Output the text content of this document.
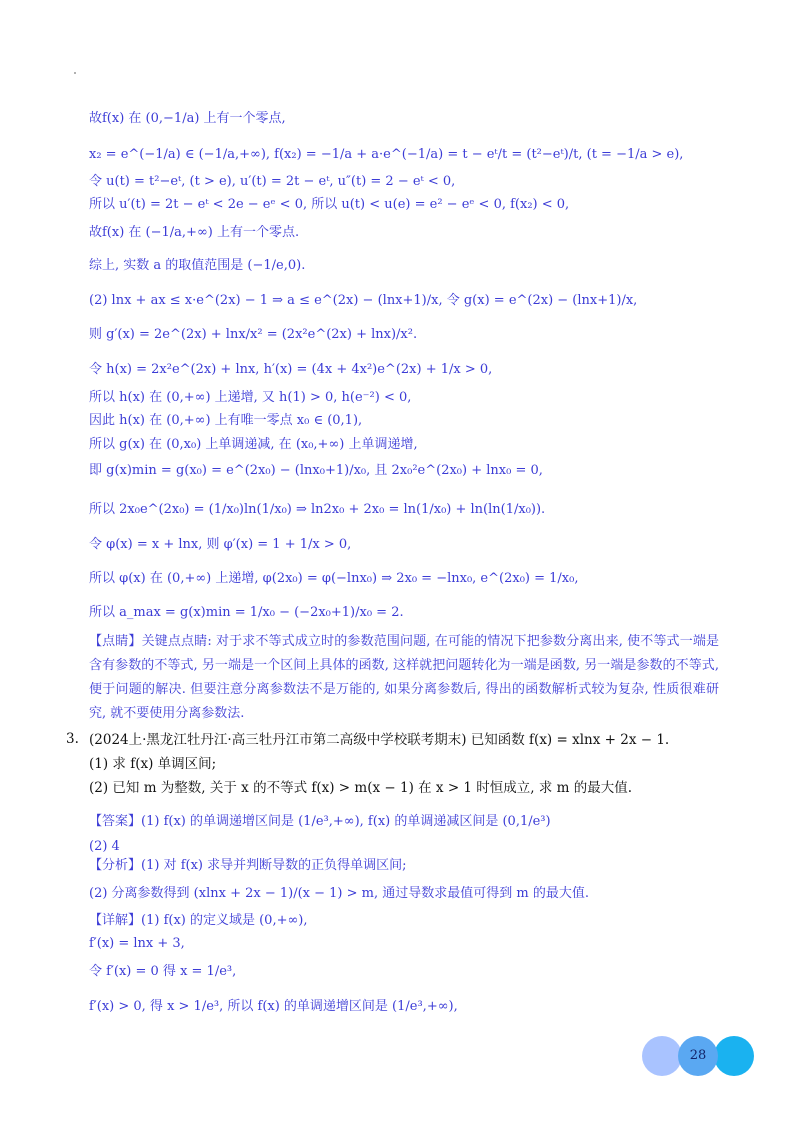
故f(x) 在 (0,−1/a) 上有一个零点,
x₂ = e^(−1/a) ∈ (−1/a,+∞), f(x₂) = −1/a + a·e^(−1/a) = t − eᵗ/t = (t²−eᵗ)/t, (t = −1/a > e),
令 u(t) = t²−eᵗ, (t > e), u′(t) = 2t − eᵗ, u″(t) = 2 − eᵗ < 0,
所以 u′(t) = 2t − eᵗ < 2e − eᵉ < 0, 所以 u(t) < u(e) = e² − eᵉ < 0, f(x₂) < 0,
故f(x) 在 (−1/a,+∞) 上有一个零点.
综上, 实数 a 的取值范围是 (−1/e,0).
(2) lnx + ax ≤ x·e^(2x) − 1 ⇒ a ≤ e^(2x) − (lnx+1)/x, 令 g(x) = e^(2x) − (lnx+1)/x,
则 g′(x) = 2e^(2x) + lnx/x² = (2x²e^(2x) + lnx)/x².
令 h(x) = 2x²e^(2x) + lnx, h′(x) = (4x + 4x²)e^(2x) + 1/x > 0,
所以 h(x) 在 (0,+∞) 上递增, 又 h(1) > 0, h(e⁻²) < 0,
因此 h(x) 在 (0,+∞) 上有唯一零点 x₀ ∈ (0,1),
所以 g(x) 在 (0,x₀) 上单调递减, 在 (x₀,+∞) 上单调递增,
即 g(x)min = g(x₀) = e^(2x₀) − (lnx₀+1)/x₀, 且 2x₀²e^(2x₀) + lnx₀ = 0,
所以 2x₀e^(2x₀) = (1/x₀)ln(1/x₀) ⇒ ln2x₀ + 2x₀ = ln(1/x₀) + ln(ln(1/x₀)).
令 φ(x) = x + lnx, 则 φ′(x) = 1 + 1/x > 0,
所以 φ(x) 在 (0,+∞) 上递增, φ(2x₀) = φ(−lnx₀) ⇒ 2x₀ = −lnx₀, e^(2x₀) = 1/x₀,
所以 a_max = g(x)min = 1/x₀ − (−2x₀+1)/x₀ = 2.
【点睛】关键点点睛: 对于求不等式成立时的参数范围问题, 在可能的情况下把参数分离出来, 使不等式一端是含有参数的不等式, 另一端是一个区间上具体的函数, 这样就把问题转化为一端是函数, 另一端是参数的不等式, 便于问题的解决. 但要注意分离参数法不是万能的, 如果分离参数后, 得出的函数解析式较为复杂, 性质很难研究, 就不要使用分离参数法.
3. (2024上·黑龙江牡丹江·高三牡丹江市第二高级中学校联考期末) 已知函数 f(x) = xlnx + 2x − 1.
(1) 求 f(x) 单调区间;
(2) 已知 m 为整数, 关于 x 的不等式 f(x) > m(x − 1) 在 x > 1 时恒成立, 求 m 的最大值.
【答案】(1) f(x) 的单调递增区间是 (1/e³,+∞), f(x) 的单调递减区间是 (0,1/e³)
(2) 4
【分析】(1) 对 f(x) 求导并判断导数的正负得单调区间;
(2) 分离参数得到 (xlnx + 2x − 1)/(x − 1) > m, 通过导数求最值可得到 m 的最大值.
【详解】(1) f(x) 的定义域是 (0,+∞),
f′(x) = lnx + 3,
令 f′(x) = 0 得 x = 1/e³,
f′(x) > 0, 得 x > 1/e³, 所以 f(x) 的单调递增区间是 (1/e³,+∞),
28
